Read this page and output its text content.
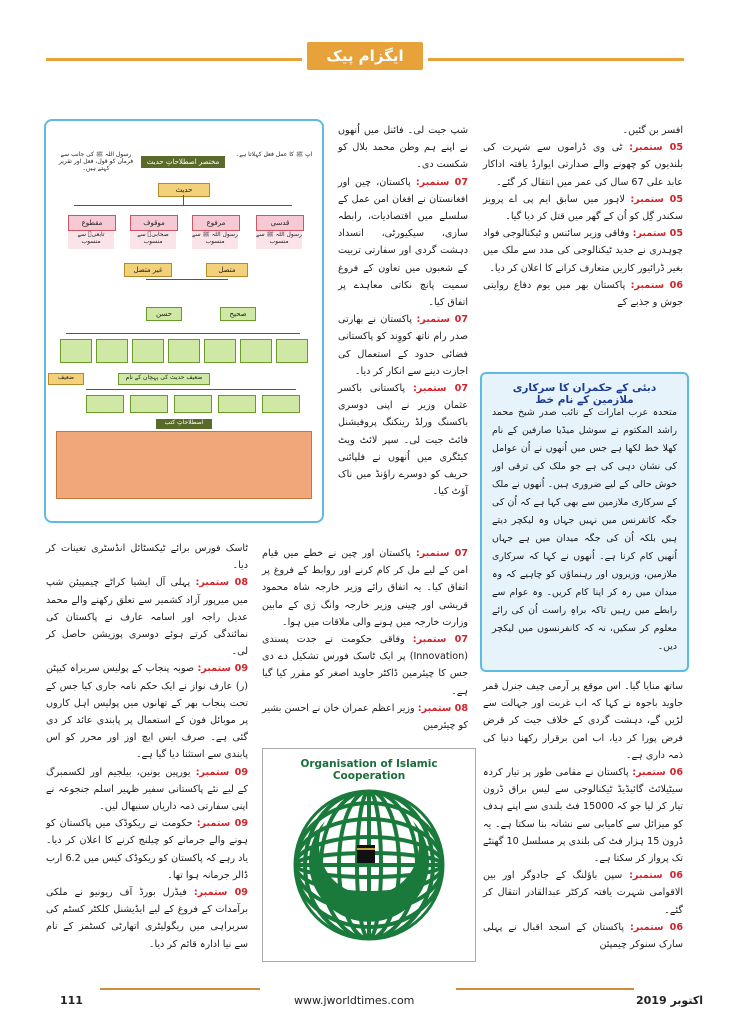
ایگزام پیک

افسر بن گئیں۔

05 ستمبر: ٹی وی ڈراموں سے شہرت کی بلندیوں کو چھونے والے صدارتی ایوارڈ یافتہ اداکار عابد علی 67 سال کی عمر میں انتقال کر گئے۔

05 ستمبر: لاہور میں سابق ایم پی اے پرویز سکندر گِل کو اُن کے گھر میں قتل کر دیا گیا۔

05 ستمبر: وفاقی وزیر سائنس و ٹیکنالوجی فواد چوہدری نے جدید ٹیکنالوجی کی مدد سے ملک میں بغیر ڈرائیور کاریں متعارف کرانے کا اعلان کر دیا۔

06 ستمبر: پاکستان بھر میں یوم دفاع روایتی جوش و جذبے کے

دبئی کے حکمران کا سرکاری ملازمین کے نام خط
متحدہ عرب امارات کے نائب صدر شیخ محمد راشد المکتوم نے سوشل میڈیا صارفین کے نام کھلا خط لکھا ہے جس میں اُنھوں نے اُن عوامل کی نشان دہی کی ہے جو ملک کی ترقی اور خوش حالی کے لیے ضروری ہیں۔ اُنھوں نے ملک کے سرکاری ملازمین سے بھی کہا ہے کہ اُن کی جگہ کانفرنس میں نہیں جہاں وہ لیکچر دیتے ہیں بلکہ اُن کی جگہ میدان میں ہے جہاں اُنھیں کام کرنا ہے۔ اُنھوں نے کہا کہ سرکاری ملازمین، وزیروں اور رہنماؤں کو چاہیے کہ وہ میدان میں رہ کر اپنا کام کریں۔ وہ عوام سے رابطے میں رہیں تاکہ براہِ راست اُن کی رائے معلوم کر سکیں، نہ کہ کانفرنسوں میں لیکچر دیں۔

ساتھ منایا گیا۔ اس موقع پر آرمی چیف جنرل قمر جاوید باجوہ نے کہا کہ اب غربت اور جہالت سے لڑیں گے، دہشت گردی کے خلاف جیت کر قرض فرض پورا کر دیا، اب امن برقرار رکھنا دنیا کی ذمہ داری ہے۔

06 ستمبر: پاکستان نے مقامی طور پر تیار کردہ سیٹیلائٹ گائیڈیڈ ٹیکنالوجی سے لیس براق ڈرون تیار کر لیا جو کہ 15000 فٹ بلندی سے اپنے ہدف کو میزائل سے کامیابی سے نشانہ بنا سکتا ہے۔ یہ ڈرون 15 ہزار فٹ کی بلندی پر مسلسل 10 گھنٹے تک پرواز کر سکتا ہے۔

06 ستمبر: سپن باؤلنگ کے جادوگر اور بین الاقوامی شہرت یافتہ کرکٹر عبدالقادر انتقال کر گئے۔

06 ستمبر: پاکستان کے اسجد اقبال نے پہلی سارک سنوکر چیمپئن

شپ جیت لی۔ فائنل میں اُنھوں نے اپنے ہم وطن محمد بلال کو شکست دی۔

07 ستمبر: پاکستان، چین اور افغانستان نے افغان امن عمل کے سلسلے میں اقتصادیات، رابطہ سازی، سیکیورٹی، انسداد دہشت گردی اور سفارتی تربیت کے شعبوں میں تعاون کے فروغ سمیت پانچ نکاتی معاہدے پر اتفاق کیا۔

07 ستمبر: پاکستان نے بھارتی صدر رام ناتھ کووِند کو پاکستانی فضائی حدود کے استعمال کی اجازت دینے سے انکار کر دیا۔

07 ستمبر: پاکستانی باکسر عثمان وزیر نے اپنی دوسری باکسنگ ورلڈ رینکنگ پروفیشنل فائٹ جیت لی۔ سپر لائٹ ویٹ کیٹگری میں اُنھوں نے فلپائنی حریف کو دوسرے راؤنڈ میں ناک آؤٹ کیا۔

07 ستمبر: پاکستان اور چین نے خطے میں قیام امن کے لیے مل کر کام کرنے اور روابط کے فروغ پر اتفاق کیا۔ یہ اتفاق رائے وزیر خارجہ شاہ محمود قریشی اور چینی وزیر خارجہ وانگ ژی کے مابین وزارت خارجہ میں ہونے والی ملاقات میں ہوا۔

07 ستمبر: وفاقی حکومت نے جدت پسندی (Innovation) پر ایک ٹاسک فورس تشکیل دے دی جس کا چیئرمین ڈاکٹر جاوید اصغر کو مقرر کیا گیا ہے۔

08 ستمبر: وزیر اعظم عمران خان نے احسن بشیر کو چیئرمین

ٹاسک فورس برائے ٹیکسٹائل انڈسٹری تعینات کر دیا۔

08 ستمبر: پہلی آل ایشیا کراٹے چیمپیئن شپ میں میرپور آزاد کشمیر سے تعلق رکھنے والے محمد عدیل راجہ اور اسامہ عارف نے پاکستان کی نمائندگی کرتے ہوئے دوسری پوزیشن حاصل کر لی۔

09 ستمبر: صوبہ پنجاب کے پولیس سربراہ کیپٹن (ر) عارف نواز نے ایک حکم نامہ جاری کیا جس کے تحت پنجاب بھر کے تھانوں میں پولیس اہل کاروں پر موبائل فون کے استعمال پر پابندی عائد کر دی گئی ہے۔ صرف ایس ایچ اوز اور محرر کو اس پابندی سے استثنا دیا گیا ہے۔

09 ستمبر: یورپین یونین، بیلجیم اور لکسمبرگ کے لیے نئے پاکستانی سفیر ظہیر اسلم جنجوعہ نے اپنی سفارتی ذمہ داریاں سنبھال لیں۔

09 ستمبر: حکومت نے ریکوڈک میں پاکستان کو ہونے والے جرمانے کو چیلنج کرنے کا اعلان کر دیا۔ یاد رہے کہ پاکستان کو ریکوڈک کیس میں 6.2 ارب ڈالر جرمانہ ہوا تھا۔

09 ستمبر: فیڈرل بورڈ آف ریونیو نے ملکی برآمدات کے فروغ کے لیے ایڈیشنل کلکٹر کسٹم کی سربراہی میں ریگولیٹری اتھارٹی کسٹمز کے نام سے نیا ادارہ قائم کر دیا۔

مختصر اصطلاحاتِ حدیث
رسول اللہ ﷺ کی جانب سے فرمان کو قول، فعل اور تقریر کہتے ہیں۔
آپ ﷺ کا عمل فعل کہلاتا ہے۔
حدیث
قدسی
مرفوع
موقوف
مقطوع
رسول اللہ ﷺ سے منسوب
رسول اللہ ﷺ سے منسوب
صحابیؓ سے منسوب
تابعیؒ سے منسوب
متصل
غیر متصل
صحیح
حسن
ضعیف حدیث کی پہچان کے نام
ضعیف
اصطلاحاتِ کتب
Organisation of Islamic Cooperation
111	www.jworldtimes.com	اکتوبر 2019
